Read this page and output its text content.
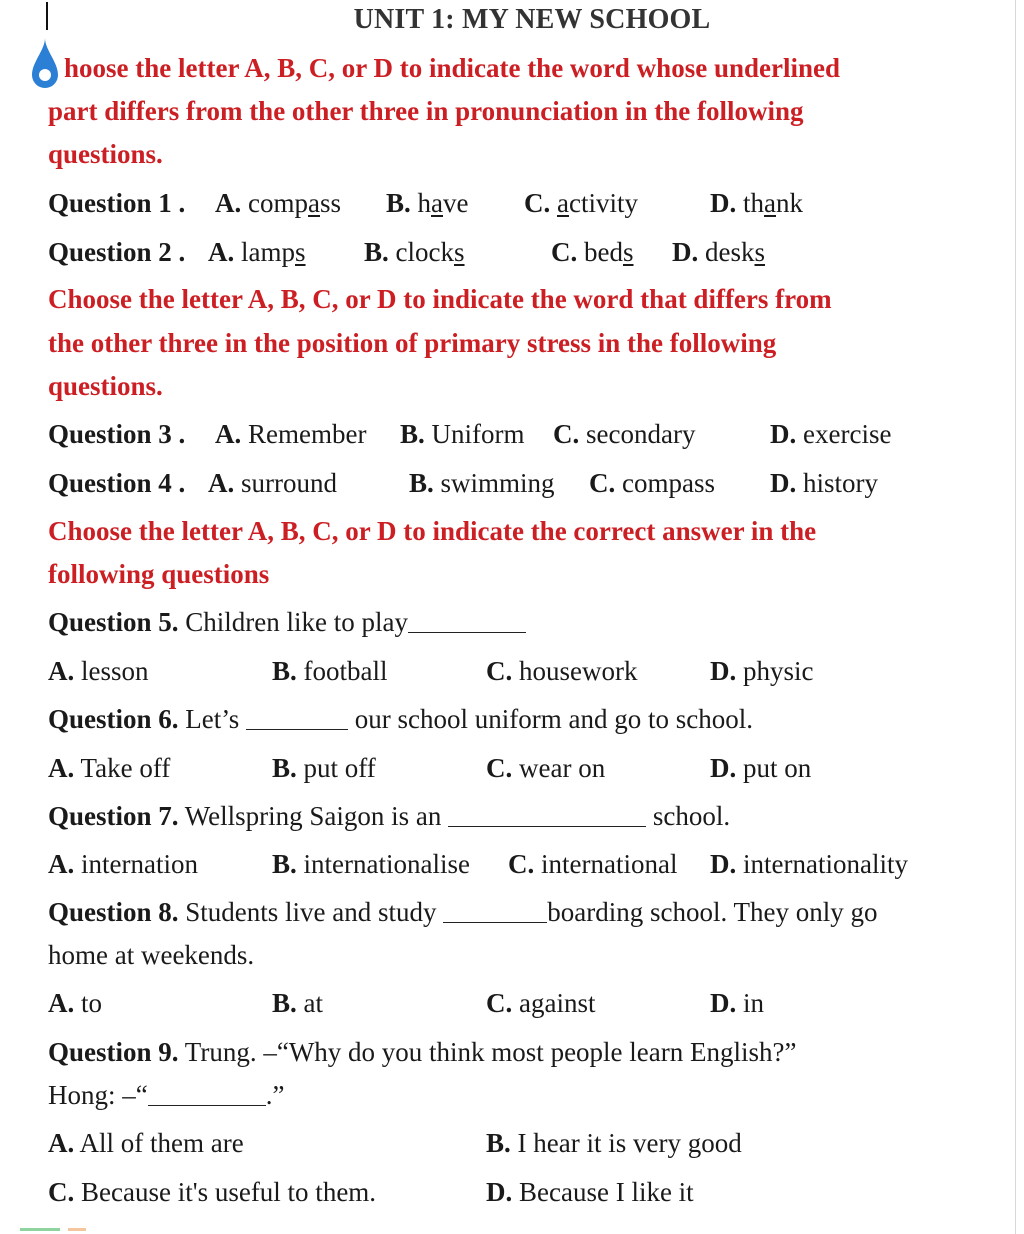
UNIT 1: MY NEW SCHOOL
hoose the letter A, B, C, or D to indicate the word whose underlined
part differs from the other three in pronunciation in the following
questions.
Question 1 . A. compass B. have C. activity	D. thank
Question 2 . A. lamps B. clocks	C. beds D. desks
Choose the letter A, B, C, or D to indicate the word that differs from
the other three in the position of primary stress in the following
questions.
Question 3 . A. Remember B. Uniform C. secondary	D. exercise
Question 4 . A. surround	B. swimming C. compass D. history
Choose the letter A, B, C, or D to indicate the correct answer in the
following questions
Question 5. Children like to play
A. lesson	B. football	C. housework	D. physic
Question 6. Let’s	our school uniform and go to school.
A. Take off	B. put off	C. wear on	D. put on
Question 7. Wellspring Saigon is an	school.
A. internation	B. internationalise C. international D. internationality
Question 8. Students live and study	boarding school. They only go
home at weekends.
A. to	B. at	C. against	D. in
Question 9. Trung. –“Why do you think most people learn English?”
Hong: –“	.”
A. All of them are	B. I hear it is very good
C. Because it's useful to them.	D. Because I like it
